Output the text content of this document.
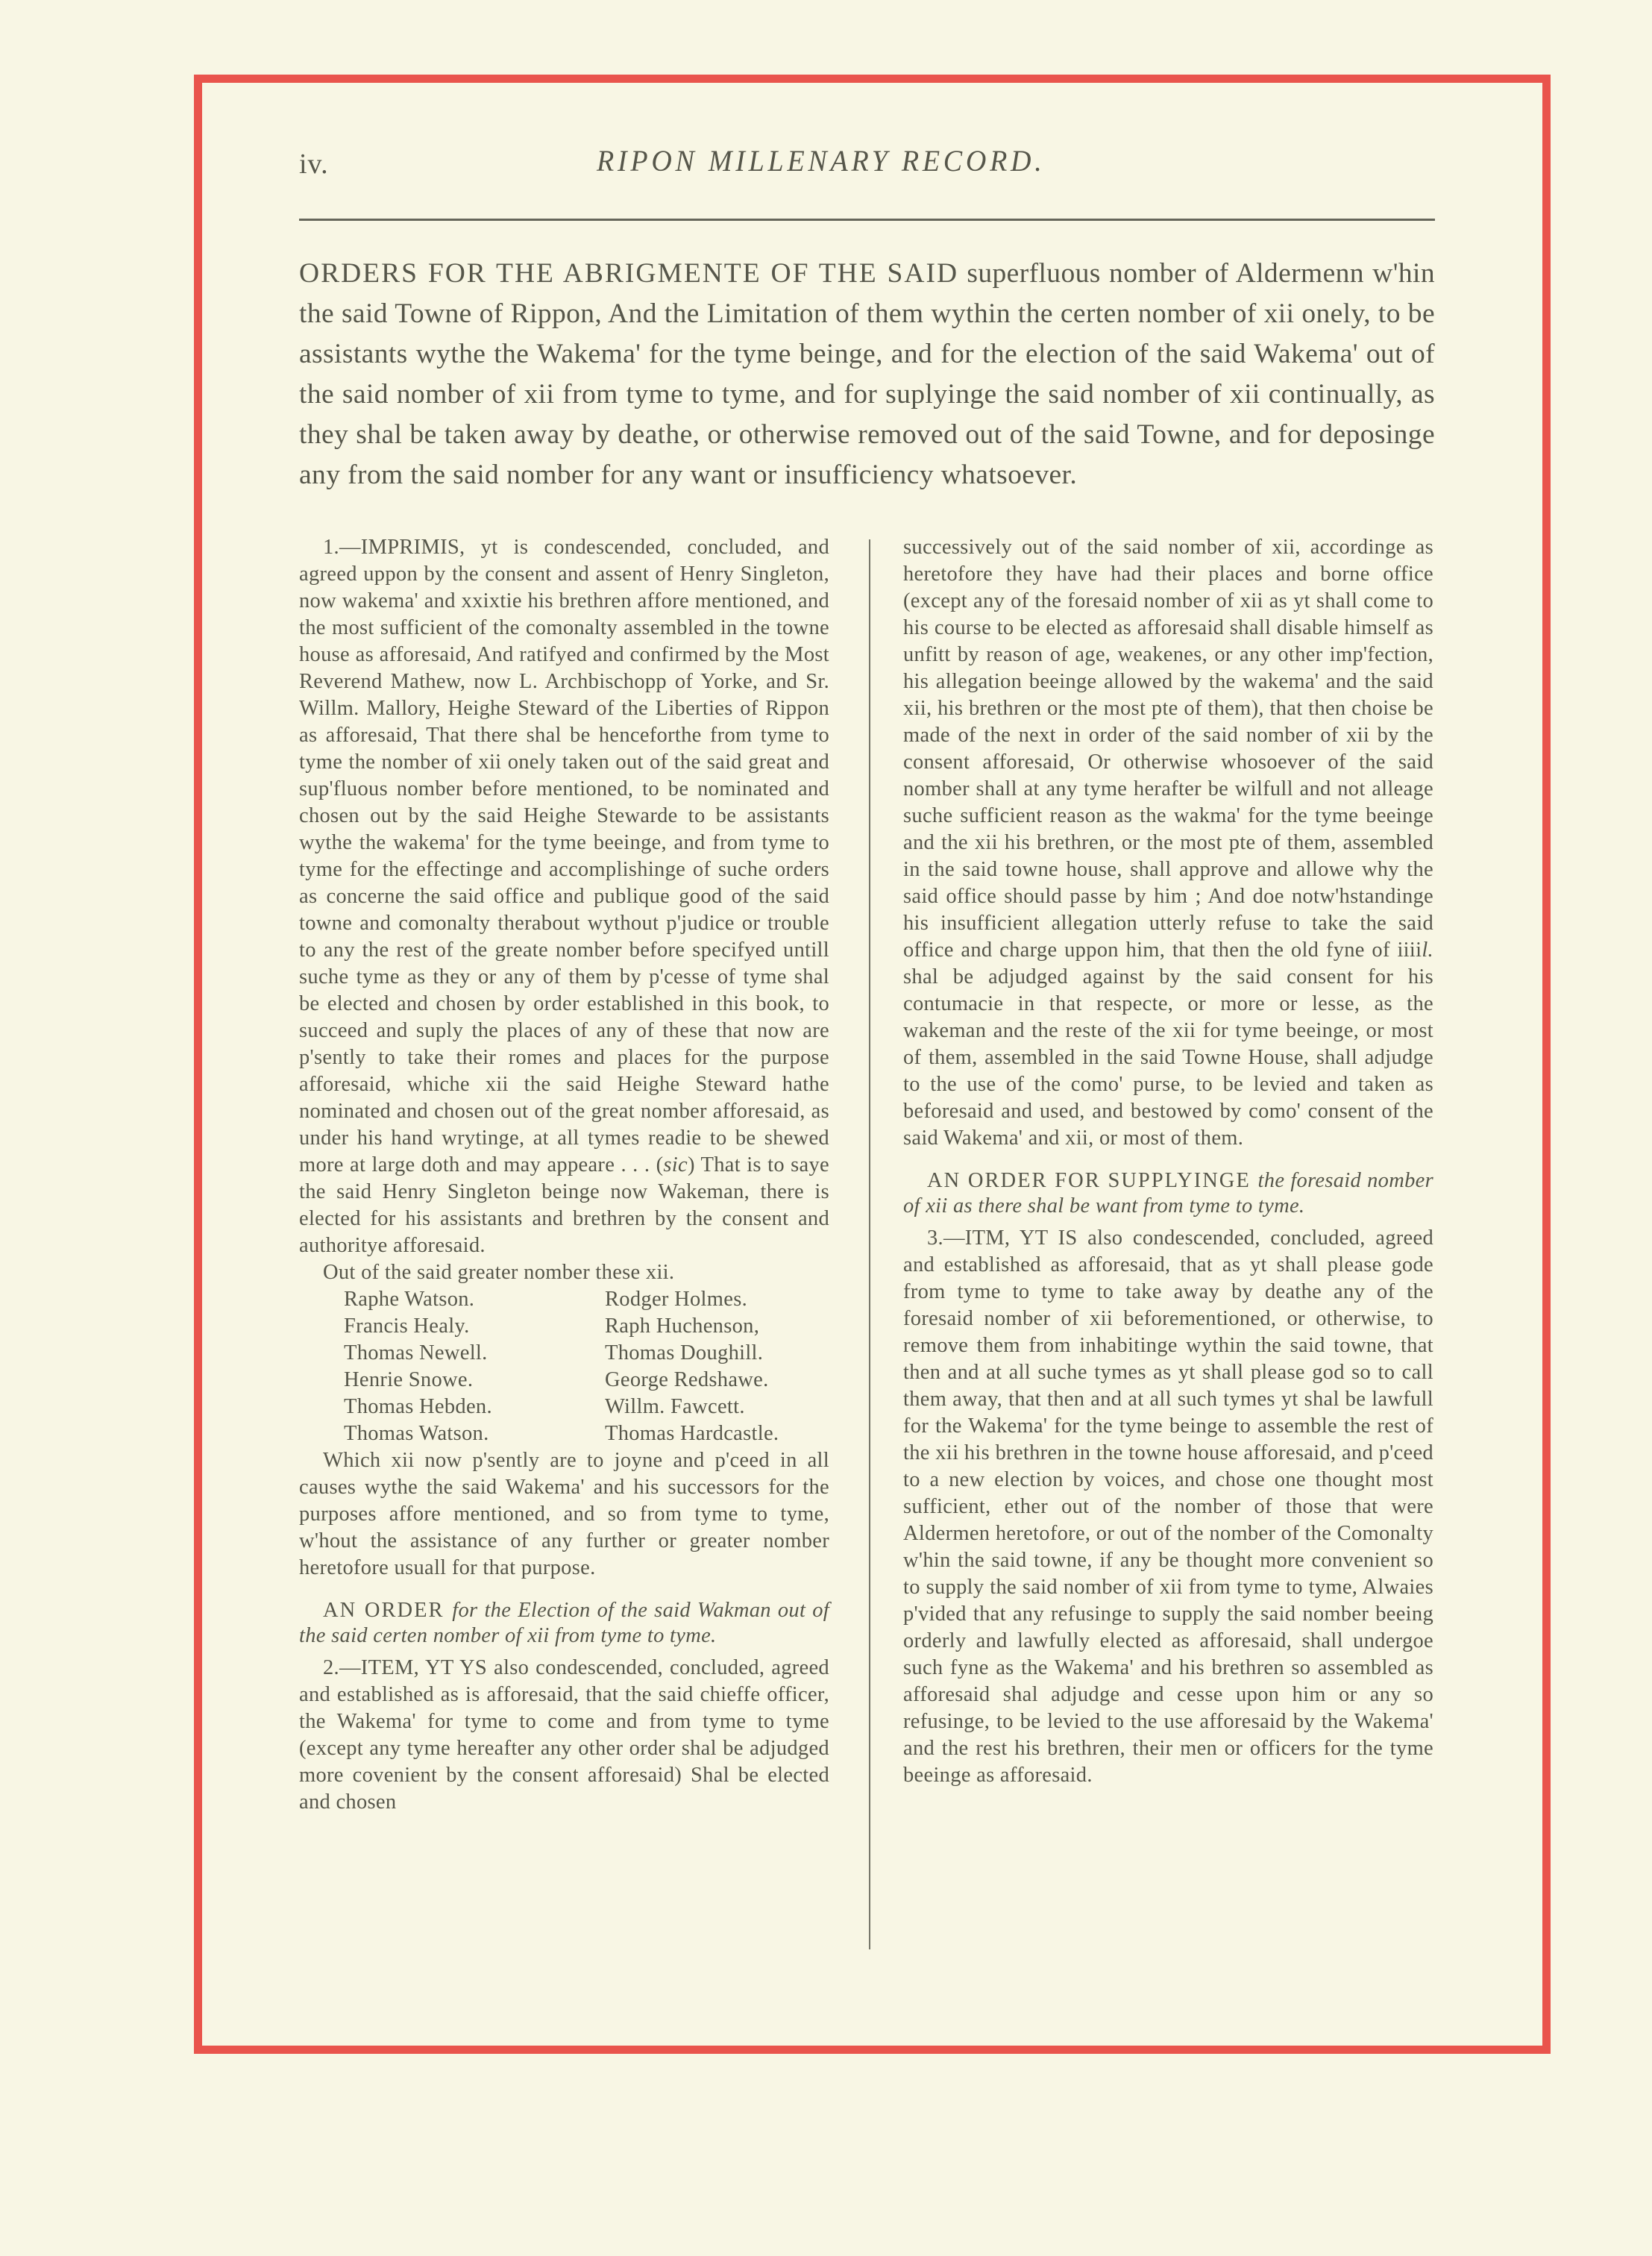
iv.	RIPON MILLENARY RECORD.
ORDERS FOR THE ABRIGMENTE OF THE SAID superfluous nomber of Aldermenn w'hin the said Towne of Rippon, And the Limitation of them wythin the certen nomber of xii onely, to be assistants wythe the Wakema' for the tyme beinge, and for the election of the said Wakema' out of the said nomber of xii from tyme to tyme, and for suplyinge the said nomber of xii continually, as they shal be taken away by deathe, or otherwise removed out of the said Towne, and for deposinge any from the said nomber for any want or insufficiency whatsoever.

1.—IMPRIMIS, yt is condescended, concluded, and agreed uppon by the consent and assent of Henry Singleton, now wakema' and xxixtie his brethren affore mentioned, and the most sufficient of the comonalty assembled in the towne house as afforesaid, And ratifyed and confirmed by the Most Reverend Mathew, now L. Archbischopp of Yorke, and Sr. Willm. Mallory, Heighe Steward of the Liberties of Rippon as afforesaid, That there shal be henceforthe from tyme to tyme the nomber of xii onely taken out of the said great and sup'fluous nomber before mentioned, to be nominated and chosen out by the said Heighe Stewarde to be assistants wythe the wakema' for the tyme beeinge, and from tyme to tyme for the effectinge and accomplishinge of suche orders as concerne the said office and publique good of the said towne and comonalty therabout wythout p'judice or trouble to any the rest of the greate nomber before specifyed untill suche tyme as they or any of them by p'cesse of tyme shal be elected and chosen by order established in this book, to succeed and suply the places of any of these that now are p'sently to take their romes and places for the purpose afforesaid, whiche xii the said Heighe Steward hathe nominated and chosen out of the great nomber afforesaid, as under his hand wrytinge, at all tymes readie to be shewed more at large doth and may appeare . . . (sic) That is to saye the said Henry Singleton beinge now Wakeman, there is elected for his assistants and brethren by the consent and authoritye afforesaid.

Out of the said greater nomber these xii.

Raphe Watson.	Rodger Holmes.
Francis Healy.	Raph Huchenson,
Thomas Newell.	Thomas Doughill.
Henrie Snowe.	George Redshawe.
Thomas Hebden.	Willm. Fawcett.
Thomas Watson.	Thomas Hardcastle.

Which xii now p'sently are to joyne and p'ceed in all causes wythe the said Wakema' and his successors for the purposes affore mentioned, and so from tyme to tyme, w'hout the assistance of any further or greater nomber heretofore usuall for that purpose.

AN ORDER for the Election of the said Wakman out of the said certen nomber of xii from tyme to tyme.

2.—ITEM, YT YS also condescended, concluded, agreed and established as is afforesaid, that the said chieffe officer, the Wakema' for tyme to come and from tyme to tyme (except any tyme hereafter any other order shal be adjudged more covenient by the consent afforesaid) Shal be elected and chosen

successively out of the said nomber of xii, accordinge as heretofore they have had their places and borne office (except any of the foresaid nomber of xii as yt shall come to his course to be elected as afforesaid shall disable himself as unfitt by reason of age, weakenes, or any other imp'fection, his allegation beeinge allowed by the wakema' and the said xii, his brethren or the most pte of them), that then choise be made of the next in order of the said nomber of xii by the consent afforesaid, Or otherwise whosoever of the said nomber shall at any tyme herafter be wilfull and not alleage suche sufficient reason as the wakma' for the tyme beeinge and the xii his brethren, or the most pte of them, assembled in the said towne house, shall approve and allowe why the said office should passe by him ; And doe notw'hstandinge his insufficient allegation utterly refuse to take the said office and charge uppon him, that then the old fyne of iiiil. shal be adjudged against by the said consent for his contumacie in that respecte, or more or lesse, as the wakeman and the reste of the xii for tyme beeinge, or most of them, assembled in the said Towne House, shall adjudge to the use of the como' purse, to be levied and taken as beforesaid and used, and bestowed by como' consent of the said Wakema' and xii, or most of them.

AN ORDER FOR SUPPLYINGE the foresaid nomber of xii as there shal be want from tyme to tyme.

3.—ITM, YT IS also condescended, concluded, agreed and established as afforesaid, that as yt shall please gode from tyme to tyme to take away by deathe any of the foresaid nomber of xii beforementioned, or otherwise, to remove them from inhabitinge wythin the said towne, that then and at all suche tymes as yt shall please god so to call them away, that then and at all such tymes yt shal be lawfull for the Wakema' for the tyme beinge to assemble the rest of the xii his brethren in the towne house afforesaid, and p'ceed to a new election by voices, and chose one thought most sufficient, ether out of the nomber of those that were Aldermen heretofore, or out of the nomber of the Comonalty w'hin the said towne, if any be thought more convenient so to supply the said nomber of xii from tyme to tyme, Alwaies p'vided that any refusinge to supply the said nomber beeing orderly and lawfully elected as afforesaid, shall undergoe such fyne as the Wakema' and his brethren so assembled as afforesaid shal adjudge and cesse upon him or any so refusinge, to be levied to the use afforesaid by the Wakema' and the rest his brethren, their men or officers for the tyme beeinge as afforesaid.
